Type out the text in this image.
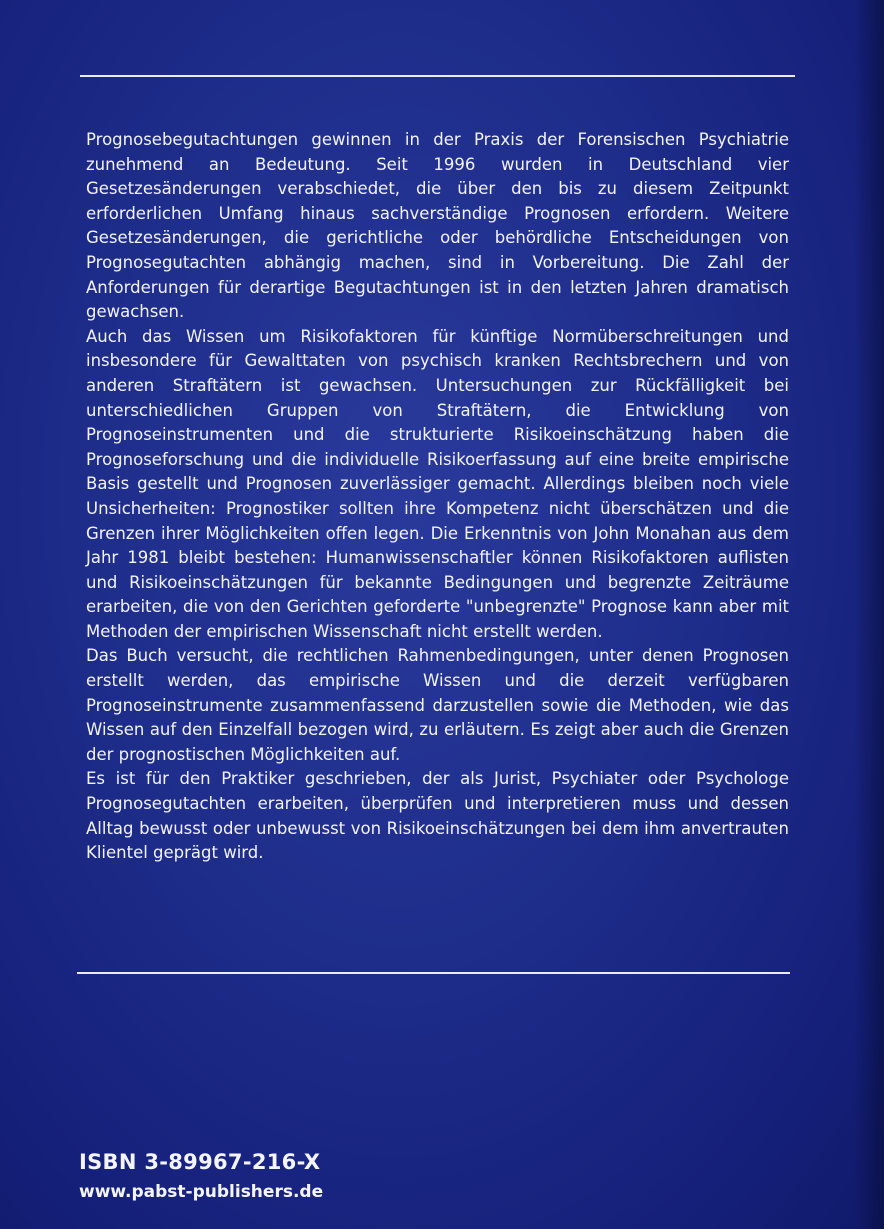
Prognosebegutachtungen gewinnen in der Praxis der Forensischen Psychiatrie zunehmend an Bedeutung. Seit 1996 wurden in Deutschland vier Gesetzesänderungen verabschiedet, die über den bis zu diesem Zeitpunkt erforderlichen Umfang hinaus sachverständige Prognosen erfordern. Weitere Gesetzesänderungen, die gerichtliche oder behördliche Entscheidungen von Prognosegutachten abhängig machen, sind in Vorbereitung. Die Zahl der Anforderungen für derartige Begutachtungen ist in den letzten Jahren dramatisch gewachsen.

Auch das Wissen um Risikofaktoren für künftige Normüberschreitungen und insbesondere für Gewalttaten von psychisch kranken Rechtsbrechern und von anderen Straftätern ist gewachsen. Untersuchungen zur Rückfälligkeit bei unterschiedlichen Gruppen von Straftätern, die Entwicklung von Prognoseinstrumenten und die strukturierte Risikoeinschätzung haben die Prognoseforschung und die individuelle Risikoerfassung auf eine breite empirische Basis gestellt und Prognosen zuverlässiger gemacht. Allerdings bleiben noch viele Unsicherheiten: Prognostiker sollten ihre Kompetenz nicht überschätzen und die Grenzen ihrer Möglichkeiten offen legen. Die Erkenntnis von John Monahan aus dem Jahr 1981 bleibt bestehen: Humanwissenschaftler können Risikofaktoren auflisten und Risikoeinschätzungen für bekannte Bedingungen und begrenzte Zeiträume erarbeiten, die von den Gerichten geforderte "unbegrenzte" Prognose kann aber mit Methoden der empirischen Wissenschaft nicht erstellt werden.

Das Buch versucht, die rechtlichen Rahmenbedingungen, unter denen Prognosen erstellt werden, das empirische Wissen und die derzeit verfügbaren Prognoseinstrumente zusammenfassend darzustellen sowie die Methoden, wie das Wissen auf den Einzelfall bezogen wird, zu erläutern. Es zeigt aber auch die Grenzen der prognostischen Möglichkeiten auf.

Es ist für den Praktiker geschrieben, der als Jurist, Psychiater oder Psychologe Prognosegutachten erarbeiten, überprüfen und interpretieren muss und dessen Alltag bewusst oder unbewusst von Risikoeinschätzungen bei dem ihm anvertrauten Klientel geprägt wird.

ISBN 3-89967-216-X
www.pabst-publishers.de
